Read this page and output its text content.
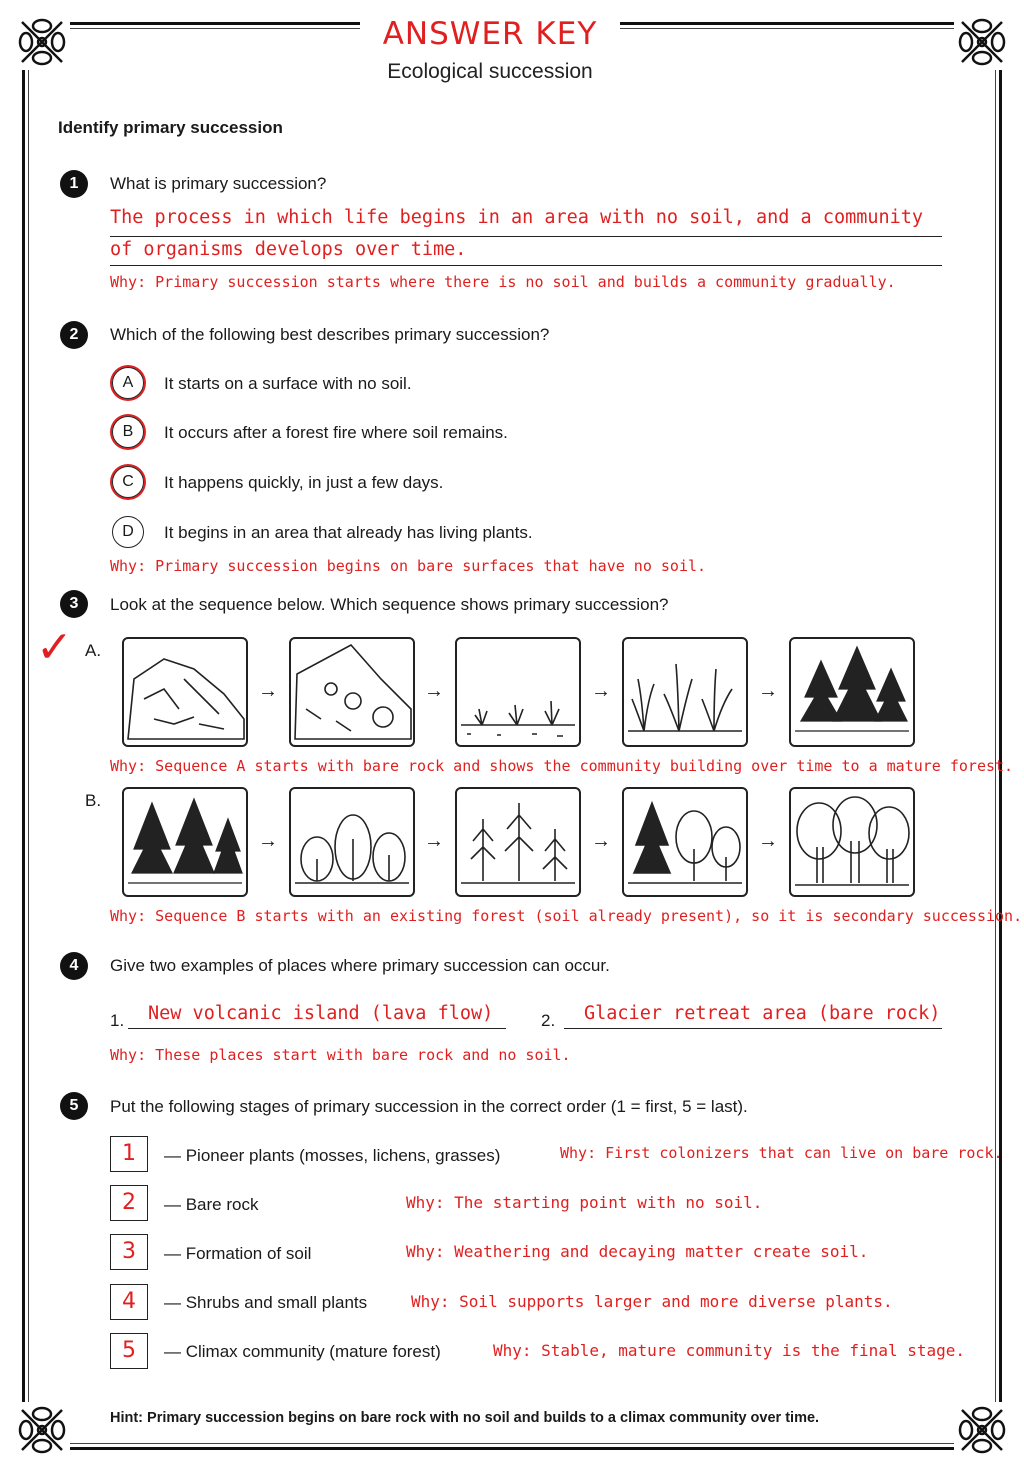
ANSWER KEY
Ecological succession
Identify primary succession
1	What is primary succession?
The process in which life begins in an area with no soil, and a community
of organisms develops over time.
Why: Primary succession starts where there is no soil and builds a community gradually.
2	Which of the following best describes primary succession?
A	It starts on a surface with no soil.
B	It occurs after a forest fire where soil remains.
C	It happens quickly, in just a few days.
D	It begins in an area that already has living plants.
Why: Primary succession begins on bare surfaces that have no soil.
3	Look at the sequence below. Which sequence shows primary succession?
✓ A.
→	→	→	→
Why: Sequence A starts with bare rock and shows the community building over time to a mature forest.
B.
→	→	→	→
Why: Sequence B starts with an existing forest (soil already present), so it is secondary succession.
4	Give two examples of places where primary succession can occur.
1. New volcanic island (lava flow)	2. Glacier retreat area (bare rock)
Why: These places start with bare rock and no soil.
5	Put the following stages of primary succession in the correct order (1 = first, 5 = last).
1	— Pioneer plants (mosses, lichens, grasses)	Why: First colonizers that can live on bare rock.
2	— Bare rock	Why: The starting point with no soil.
3	— Formation of soil	Why: Weathering and decaying matter create soil.
4	— Shrubs and small plants	Why: Soil supports larger and more diverse plants.
5	— Climax community (mature forest)	Why: Stable, mature community is the final stage.
Hint: Primary succession begins on bare rock with no soil and builds to a climax community over time.
